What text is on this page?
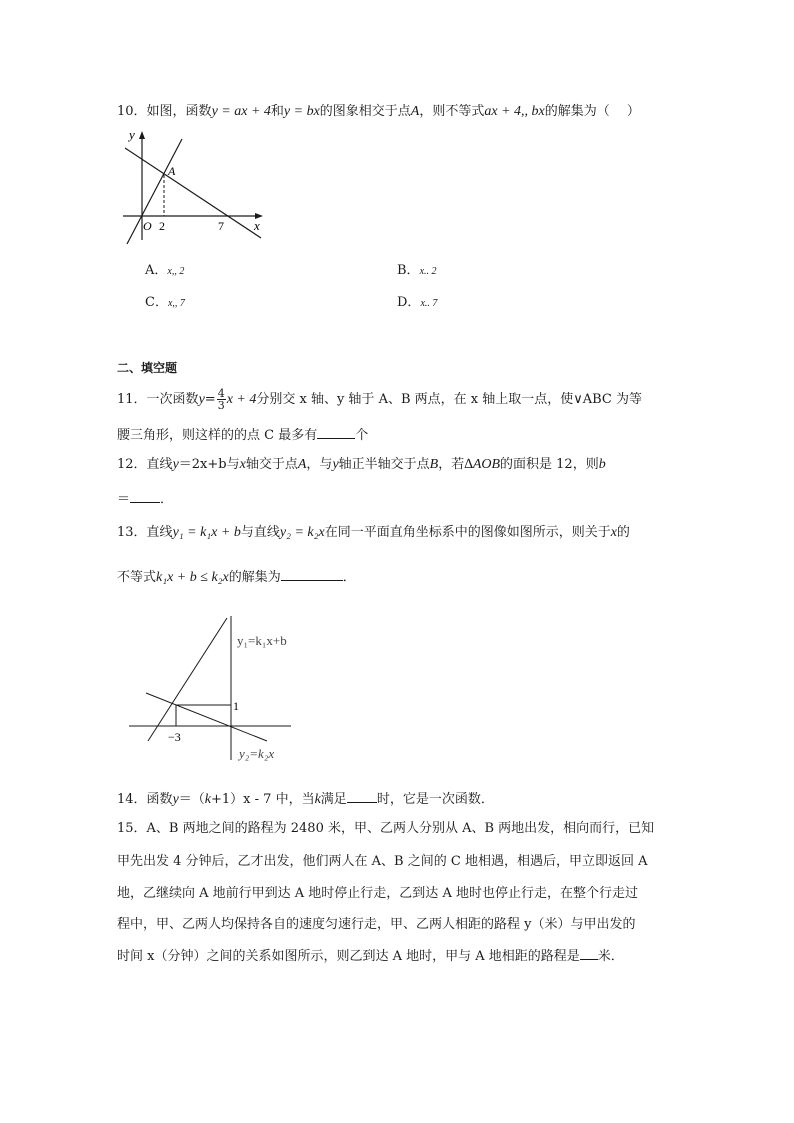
10．如图，函数y = ax + 4和y = bx的图象相交于点A，则不等式ax + 4,, bx的解集为（　 ）
y
A
O 2	7 x
A．x,, 2	B．x.. 2
C．x,, 7	D．x.. 7
二、填空题
11．一次函数$y= \frac{4}{3}$ x + 4分别交 x 轴、y 轴于 A、B 两点，在 x 轴上取一点，使∨ABC 为等
腰三角形，则这样的的点 C 最多有	个
12．直线y＝2x+b与x轴交于点A，与y轴正半轴交于点B，若∆AOB的面积是 12，则b
＝ ．
13．直线y₁ = k₁x + b与直线y₂ = k₂x在同一平面直角坐标系中的图像如图所示，则关于x的
不等式k₁x + b ≤ k₂x的解集为	．
y₁=k₁x+b
1
−3
y₂=k₂x
14．函数y＝（k+1）x - 7 中，当k满足 时，它是一次函数．
15．A、B 两地之间的路程为 2480 米，甲、乙两人分别从 A、B 两地出发，相向而行，已知
甲先出发 4 分钟后，乙才出发，他们两人在 A、B 之间的 C 地相遇，相遇后，甲立即返回 A
地，乙继续向 A 地前行甲到达 A 地时停止行走，乙到达 A 地时也停止行走，在整个行走过
程中，甲、乙两人均保持各自的速度匀速行走，甲、乙两人相距的路程 y（米）与甲出发的
时间 x（分钟）之间的关系如图所示，则乙到达 A 地时，甲与 A 地相距的路程是 米．
